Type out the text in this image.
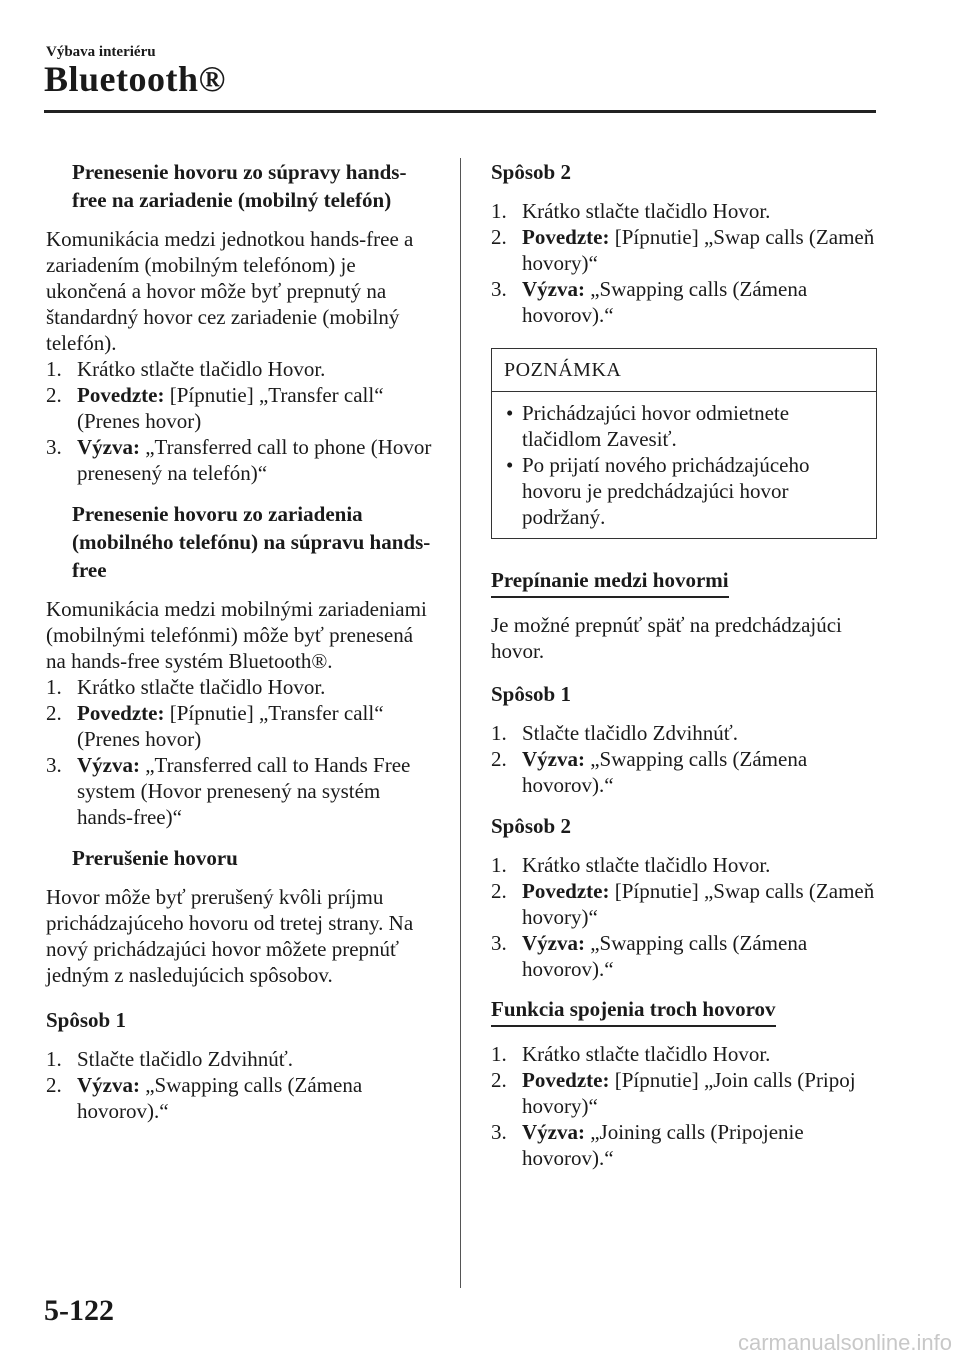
Výbava interiéru
Bluetooth®
Prenesenie hovoru zo súpravy hands-free na zariadenie (mobilný telefón)
Komunikácia medzi jednotkou hands-free a zariadením (mobilným telefónom) je ukončená a hovor môže byť prepnutý na štandardný hovor cez zariadenie (mobilný telefón).
1. Krátko stlačte tlačidlo Hovor.
2. Povedzte: [Pípnutie] „Transfer call“ (Prenes hovor)
3. Výzva: „Transferred call to phone (Hovor prenesený na telefón)“
Prenesenie hovoru zo zariadenia (mobilného telefónu) na súpravu hands-free
Komunikácia medzi mobilnými zariadeniami (mobilnými telefónmi) môže byť prenesená na hands-free systém Bluetooth®.
1. Krátko stlačte tlačidlo Hovor.
2. Povedzte: [Pípnutie] „Transfer call“ (Prenes hovor)
3. Výzva: „Transferred call to Hands Free system (Hovor prenesený na systém hands-free)“
Prerušenie hovoru
Hovor môže byť prerušený kvôli príjmu prichádzajúceho hovoru od tretej strany. Na nový prichádzajúci hovor môžete prepnúť jedným z nasledujúcich spôsobov.
Spôsob 1
1. Stlačte tlačidlo Zdvihnúť.
2. Výzva: „Swapping calls (Zámena hovorov).“
Spôsob 2
1. Krátko stlačte tlačidlo Hovor.
2. Povedzte: [Pípnutie] „Swap calls (Zameň hovory)“
3. Výzva: „Swapping calls (Zámena hovorov).“
POZNÁMKA
• Prichádzajúci hovor odmietnete tlačidlom Zavesiť.
• Po prijatí nového prichádzajúceho hovoru je predchádzajúci hovor podržaný.
Prepínanie medzi hovormi
Je možné prepnúť späť na predchádzajúci hovor.
Spôsob 1
1. Stlačte tlačidlo Zdvihnúť.
2. Výzva: „Swapping calls (Zámena hovorov).“
Spôsob 2
1. Krátko stlačte tlačidlo Hovor.
2. Povedzte: [Pípnutie] „Swap calls (Zameň hovory)“
3. Výzva: „Swapping calls (Zámena hovorov).“
Funkcia spojenia troch hovorov
1. Krátko stlačte tlačidlo Hovor.
2. Povedzte: [Pípnutie] „Join calls (Pripoj hovory)“
3. Výzva: „Joining calls (Pripojenie hovorov).“
5-122
carmanualsonline.info
